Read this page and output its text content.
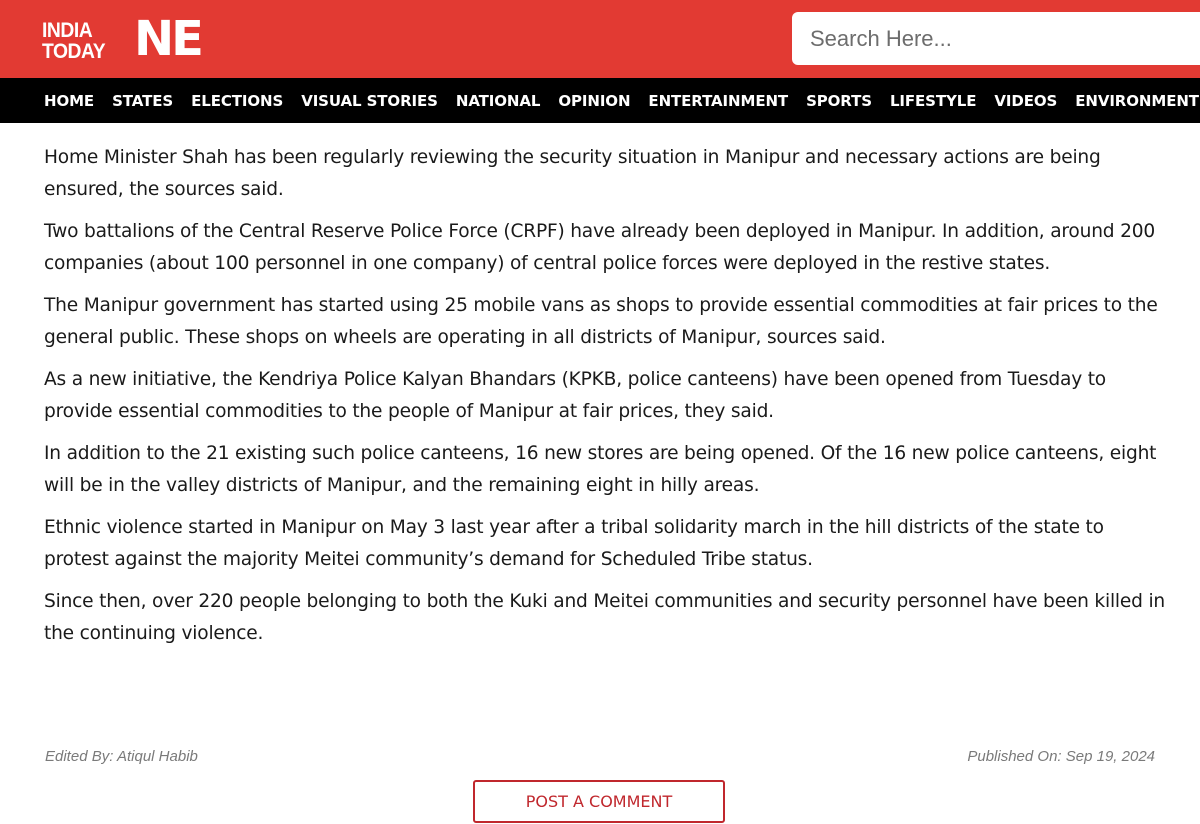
INDIA
TODAY NE
Search Here...
HOME STATES ELECTIONS VISUAL STORIES NATIONAL OPINION ENTERTAINMENT SPORTS LIFESTYLE VIDEOS ENVIRONMENT

Home Minister Shah has been regularly reviewing the security situation in Manipur and necessary actions are being ensured, the sources said.

Two battalions of the Central Reserve Police Force (CRPF) have already been deployed in Manipur. In addition, around 200 companies (about 100 personnel in one company) of central police forces were deployed in the restive states.

The Manipur government has started using 25 mobile vans as shops to provide essential commodities at fair prices to the general public. These shops on wheels are operating in all districts of Manipur, sources said.

As a new initiative, the Kendriya Police Kalyan Bhandars (KPKB, police canteens) have been opened from Tuesday to provide essential commodities to the people of Manipur at fair prices, they said.

In addition to the 21 existing such police canteens, 16 new stores are being opened. Of the 16 new police canteens, eight will be in the valley districts of Manipur, and the remaining eight in hilly areas.

Ethnic violence started in Manipur on May 3 last year after a tribal solidarity march in the hill districts of the state to protest against the majority Meitei community’s demand for Scheduled Tribe status.

Since then, over 220 people belonging to both the Kuki and Meitei communities and security personnel have been killed in the continuing violence.

Edited By: Atiqul Habib	Published On: Sep 19, 2024
POST A COMMENT
